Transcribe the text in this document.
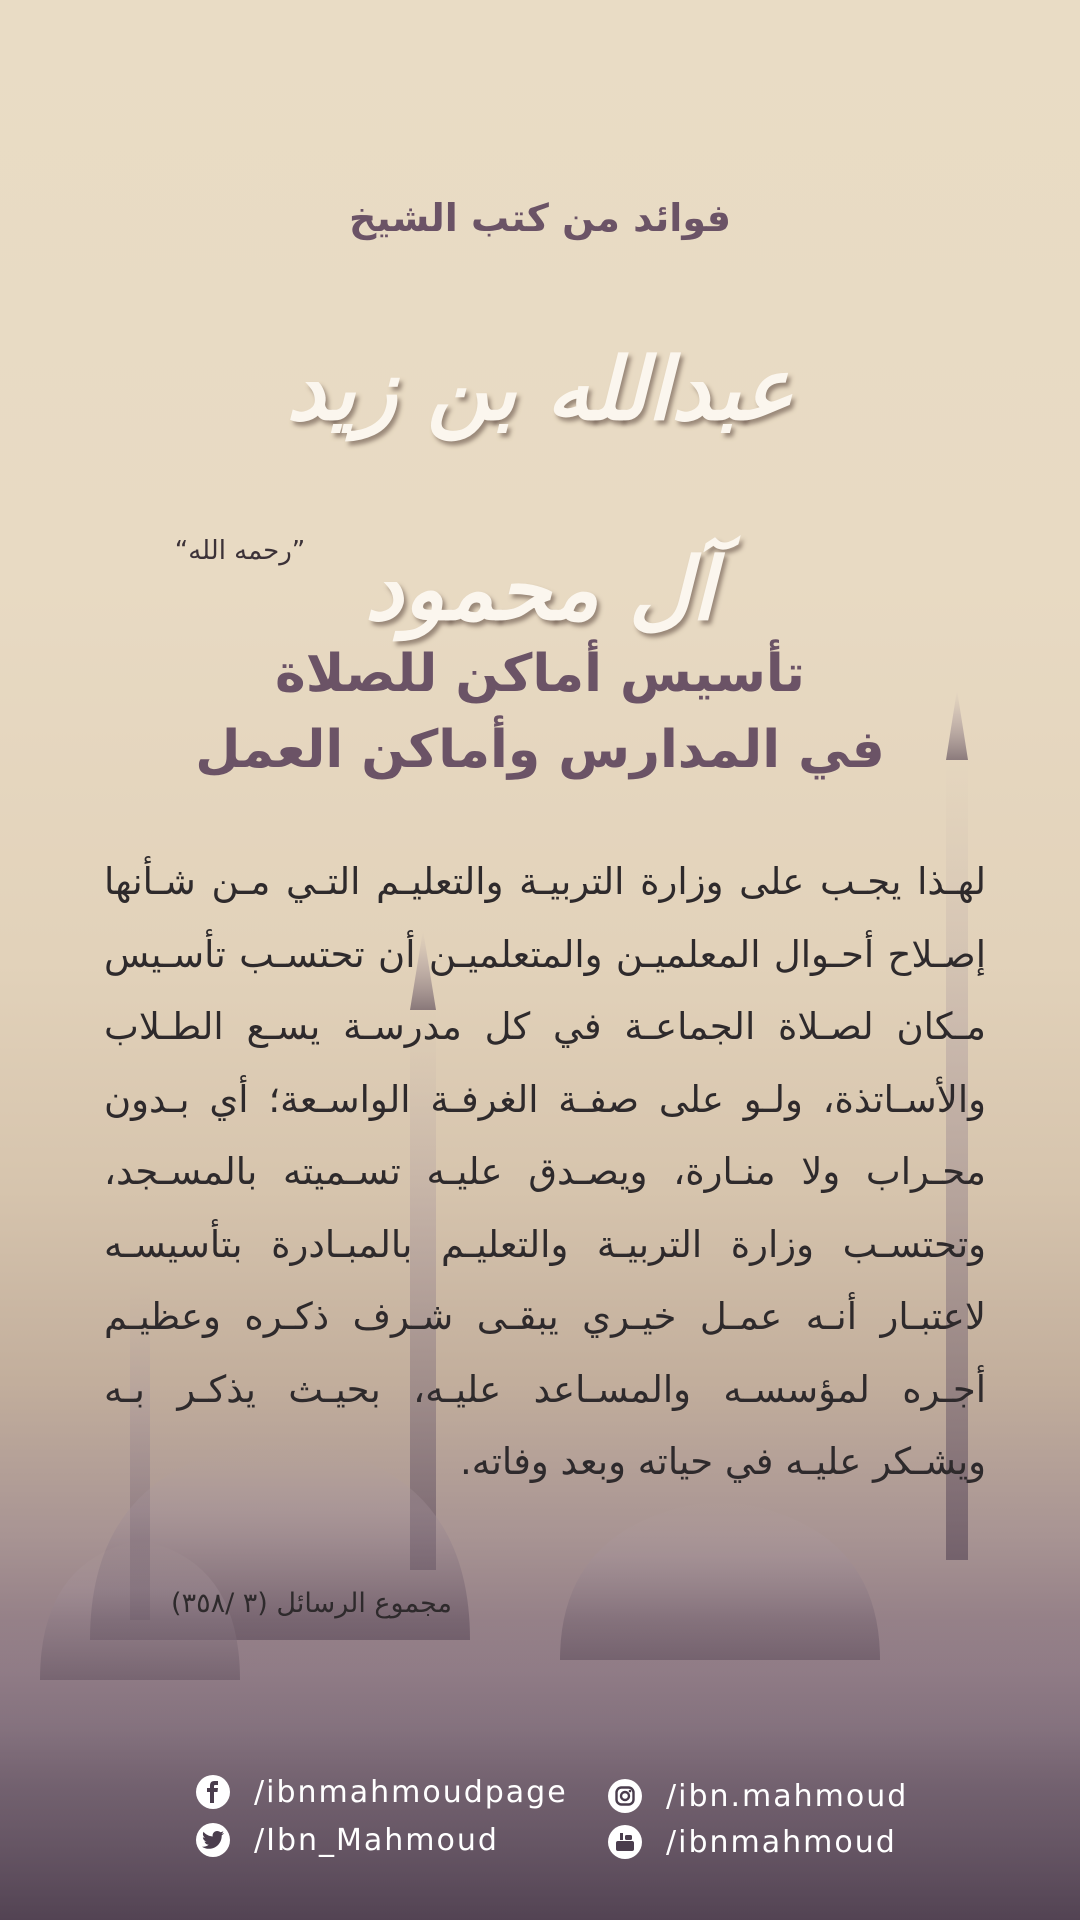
فوائد من كتب الشيخ
عبدالله بن زيد آل محمود
”رحمه الله“
تأسيس أماكن للصلاة
في المدارس وأماكن العمل
لهـذا يجـب على وزارة التربيـة والتعليـم التـي مـن شـأنها إصـلاح أحـوال المعلميـن والمتعلميـن أن تحتسـب تأسـيس مـكان لصـلاة الجماعـة في كل مدرسـة يسـع الطـلاب والأسـاتذة، ولـو على صفـة الغرفـة الواسـعة؛ أي بـدون محـراب ولا منـارة، ويصـدق عليـه تسـميته بالمسـجد، وتحتسـب وزارة التربيـة والتعليـم بالمبـادرة بتأسيسـه لاعتبـار أنـه عمـل خيـري يبقـى شـرف ذكـره وعظيـم أجـره لمؤسسـه والمسـاعد عليـه، بحيـث يذكـر بـه ويشـكر عليـه في حياته وبعد وفاته.
مجموع الرسائل (٣ /٣٥٨)
/ibnmahmoudpage
/Ibn_Mahmoud
/ibn.mahmoud
/ibnmahmoud
